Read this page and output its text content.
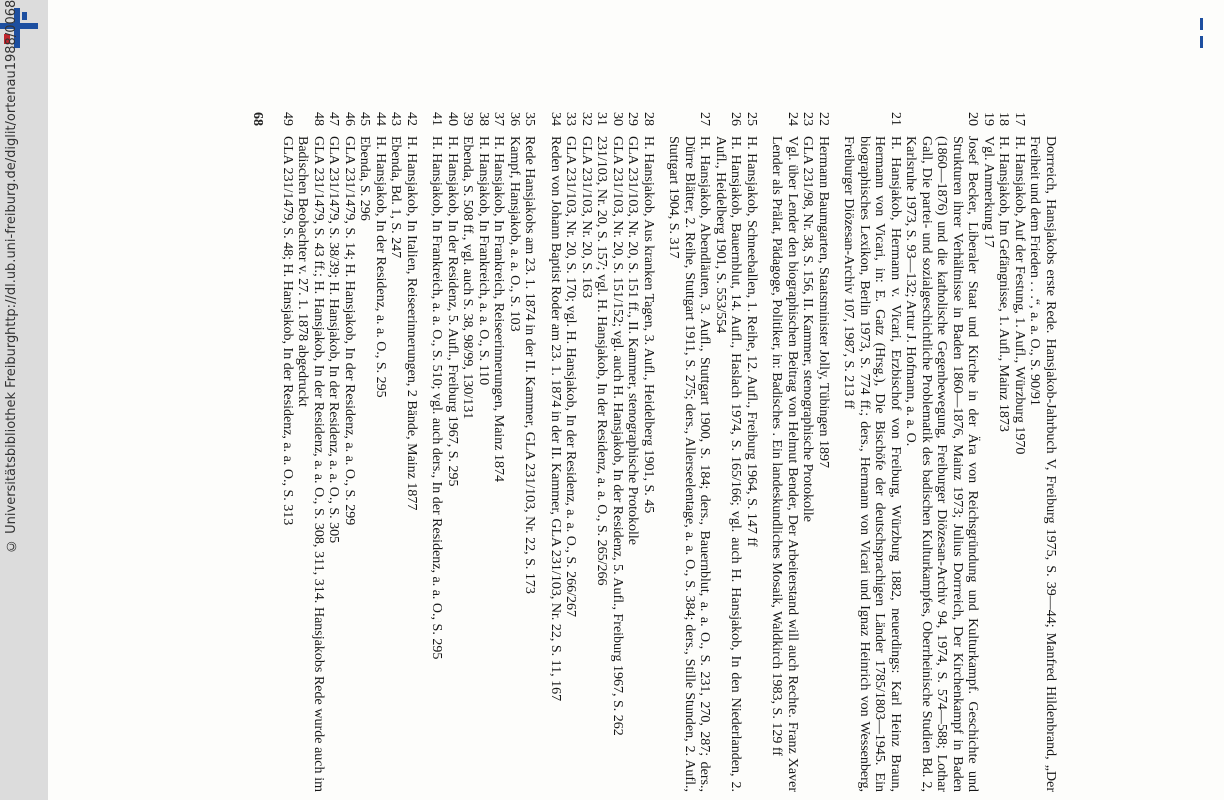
http://dl.ub.uni-freiburg.de/diglit/ortenau1988/0068
© Universitätsbibliothek Freiburg	Dorrreich, Hansjakobs erste Rede. Hansjakob-Jahrbuch V, Freiburg 1975, S. 39—44; Manfred Hildenbrand, „Der Freiheit und dem Frieden . . .“, a. a. O., S. 90/91

17
H. Hansjakob, Auf der Festung, 1. Aufl., Würzburg 1970

18
H. Hansjakob, Im Gefängnisse, 1. Aufl., Mainz 1873

19
Vgl. Anmerkung 17

20
Josef Becker, Liberaler Staat und Kirche in der Ära von Reichsgründung und Kulturkampf. Geschichte und Strukturen ihrer Verhältnisse in Baden 1860—1876, Mainz 1973; Julius Dorrreich, Der Kirchenkampf in Baden (1860—1876) und die katholische Gegenbewegung, Freiburger Diözesan-Archiv 94, 1974, S. 574—588; Lothar Gall, Die partei- und sozialgeschichtliche Problematik des badischen Kulturkampfes, Oberrheinische Studien Bd. 2, Karlsruhe 1973, S. 93—132; Artur J. Hofmann, a. a. O.

21
H. Hansjakob, Hermann v. Vicari, Erzbischof von Freiburg, Würzburg 1882, neuerdings: Karl Heinz Braun, Hermann von Vicari, in: E. Gatz (Hrsg.), Die Bischöfe der deutschsprachigen Länder 1785/1803—1945. Ein biographisches Lexikon, Berlin 1973, S. 774 ff.; ders., Hermann von Vicari und Ignaz Heinrich von Wessenberg, Freiburger Diözesan-Archiv 107, 1987, S. 213 ff

22
Hermann Baumgarten, Staatsminister Jolly, Tübingen 1897

23
GLA 231/98, Nr. 38, S. 156, II. Kammer, stenographische Protokolle

24
Vgl. über Lender den biographischen Beitrag von Helmut Bender, Der Arbeiterstand will auch Rechte. Franz Xaver Lender als Prälat, Pädagoge, Politiker, in: Badisches . Ein landeskundliches Mosaik, Waldkirch 1983, S. 129 ff

25
H. Hansjakob, Schneeballen, 1. Reihe, 12. Aufl., Freiburg 1964, S. 147 ff

26
H. Hansjakob, Bauernblut, 14. Aufl., Haslach 1974, S. 165/166; vgl. auch H. Hansjakob, In den Niederlanden, 2. Aufl., Heidelberg 1901, S. 553/554

27
H. Hansjakob, Abendläuten, 3. Aufl., Stuttgart 1900, S. 184; ders., Bauernblut, a. a. O., S. 231, 270, 287; ders., Dürre Blätter, 2. Reihe, Stuttgart 1911, S. 275; ders., Allerseelentage, a. a. O., S. 384; ders., Stille Stunden, 2. Aufl., Stuttgart 1904, S. 317

28
H. Hansjakob, Aus kranken Tagen, 3. Aufl., Heidelberg 1901, S. 45

29
GLA 231/103, Nr. 20, S. 151 ff., II. Kammer, stenographische Protokolle

30
GLA 231/103, Nr. 20, S. 151/152; vgl. auch H. Hansjakob, In der Residenz, 5. Aufl., Freiburg 1967, S. 262

31
231/103, Nr. 20, S. 157; vgl. H. Hansjakob, In der Residenz, a. a. O., S. 265/266

32
GLA 231/103, Nr. 20, S. 163

33
GLA 231/103, Nr. 20, S. 170; vgl. H. Hansjakob, In der Residenz, a. a. O., S. 266/267

34
Reden von Johann Baptist Roder am 23. 1. 1874 in der II. Kammer, GLA 231/103, Nr. 22, S. 11, 167

35
Rede Hansjakobs am 23. 1. 1874 in der II. Kammer, GLA 231/103, Nr. 22, S. 173

36
Kampf, Hansjakob, a. a. O., S. 103

37
H. Hansjakob, In Frankreich, Reiseerinnerungen, Mainz 1874

38
H. Hansjakob, In Frankreich, a. a. O., S. 110

39
Ebenda, S. 508 ff., vgl. auch S. 38, 98/99, 130/131

40
H. Hansjakob, In der Residenz, 5. Aufl., Freiburg 1967, S. 295

41
H. Hansjakob, In Frankreich, a. a. O., S. 510; vgl. auch ders., In der Residenz, a. a. O., S. 295

42
H. Hansjakob, In Italien, Reiseerinnerungen, 2 Bände, Mainz 1877

43
Ebenda, Bd. 1, S. 247

44
H. Hansjakob, In der Residenz, a. a. O., S. 295

45
Ebenda, S. 296

46
GLA 231/1479, S. 14; H. Hansjakob, In der Residenz, a. a. O., S. 299

47
GLA 231/1479, S. 38/39; H. Hansjakob, In der Residenz, a. a. O., S. 305

48
GLA 231/1479, S. 43 ff.; H. Hansjakob, In der Residenz, a. a. O., S. 308, 311, 314. Hansjakobs Rede wurde auch im Badischen Beobachter v. 27. 1. 1878 abgedruckt

49
GLA 231/1479, S. 48; H. Hansjakob, In der Residenz, a. a. O., S. 313

68
